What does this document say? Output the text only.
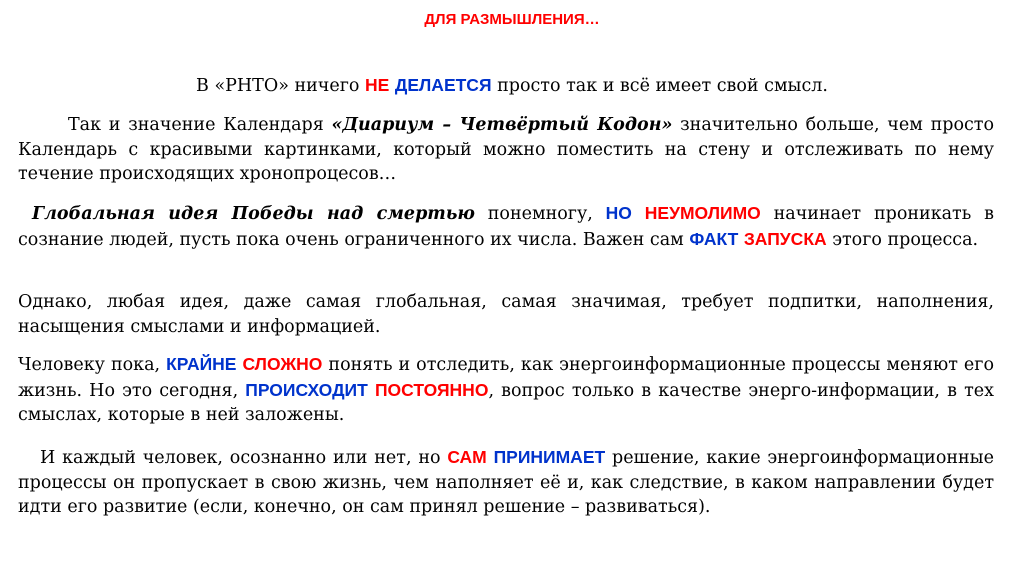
ДЛЯ РАЗМЫШЛЕНИЯ…

В «РНТО» ничего НЕ ДЕЛАЕТСЯ просто так и всё имеет свой смысл.

Так и значение Календаря «Диариум – Четвёртый Кодон» значительно больше, чем просто Календарь с красивыми картинками, который можно поместить на стену и отслеживать по нему течение происходящих хронопроцесов…

Глобальная идея Победы над смертью понемногу, НО НЕУМОЛИМО начинает проникать в сознание людей, пусть пока очень ограниченного их числа. Важен сам ФАКТ ЗАПУСКА этого процесса.

Однако, любая идея, даже самая глобальная, самая значимая, требует подпитки, наполнения, насыщения смыслами и информацией.

Человеку пока, КРАЙНЕ СЛОЖНО понять и отследить, как энергоинформационные процессы меняют его жизнь. Но это сегодня, ПРОИСХОДИТ ПОСТОЯННО, вопрос только в качестве энерго-информации, в тех смыслах, которые в ней заложены.

И каждый человек, осознанно или нет, но САМ ПРИНИМАЕТ решение, какие энергоинформационные процессы он пропускает в свою жизнь, чем наполняет её и, как следствие, в каком направлении будет идти его развитие (если, конечно, он сам принял решение – развиваться).
